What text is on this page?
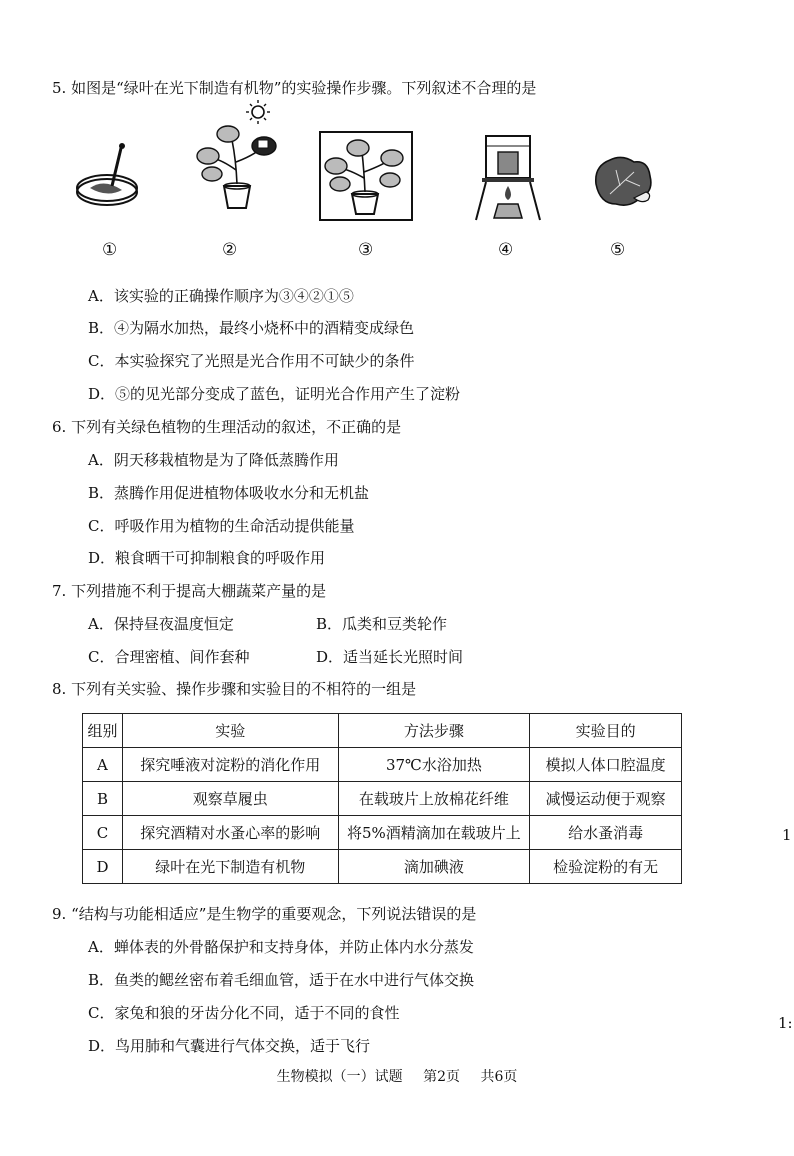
5. 如图是“绿叶在光下制造有机物”的实验操作步骤。下列叙述不合理的是
①	②	③	④	⑤
A．该实验的正确操作顺序为③④②①⑤
B．④为隔水加热，最终小烧杯中的酒精变成绿色
C．本实验探究了光照是光合作用不可缺少的条件
D．⑤的见光部分变成了蓝色，证明光合作用产生了淀粉
6. 下列有关绿色植物的生理活动的叙述，不正确的是
A．阴天移栽植物是为了降低蒸腾作用
B．蒸腾作用促进植物体吸收水分和无机盐
C．呼吸作用为植物的生命活动提供能量
D．粮食晒干可抑制粮食的呼吸作用
7. 下列措施不利于提高大棚蔬菜产量的是
A．保持昼夜温度恒定	B．瓜类和豆类轮作
C．合理密植、间作套种	D．适当延长光照时间
8. 下列有关实验、操作步骤和实验目的不相符的一组是
组别	实验	方法步骤	实验目的
A	探究唾液对淀粉的消化作用	37℃水浴加热	模拟人体口腔温度
B	观察草履虫	在载玻片上放棉花纤维	减慢运动便于观察
C	探究酒精对水蚤心率的影响	将5%酒精滴加在载玻片上	给水蚤消毒
D	绿叶在光下制造有机物	滴加碘液	检验淀粉的有无
9. “结构与功能相适应”是生物学的重要观念，下列说法错误的是
A．蝉体表的外骨骼保护和支持身体，并防止体内水分蒸发
B．鱼类的鳃丝密布着毛细血管，适于在水中进行气体交换
C．家兔和狼的牙齿分化不同，适于不同的食性
D．鸟用肺和气囊进行气体交换，适于飞行
1
1:
生物模拟（一）试题 第2页 共6页
